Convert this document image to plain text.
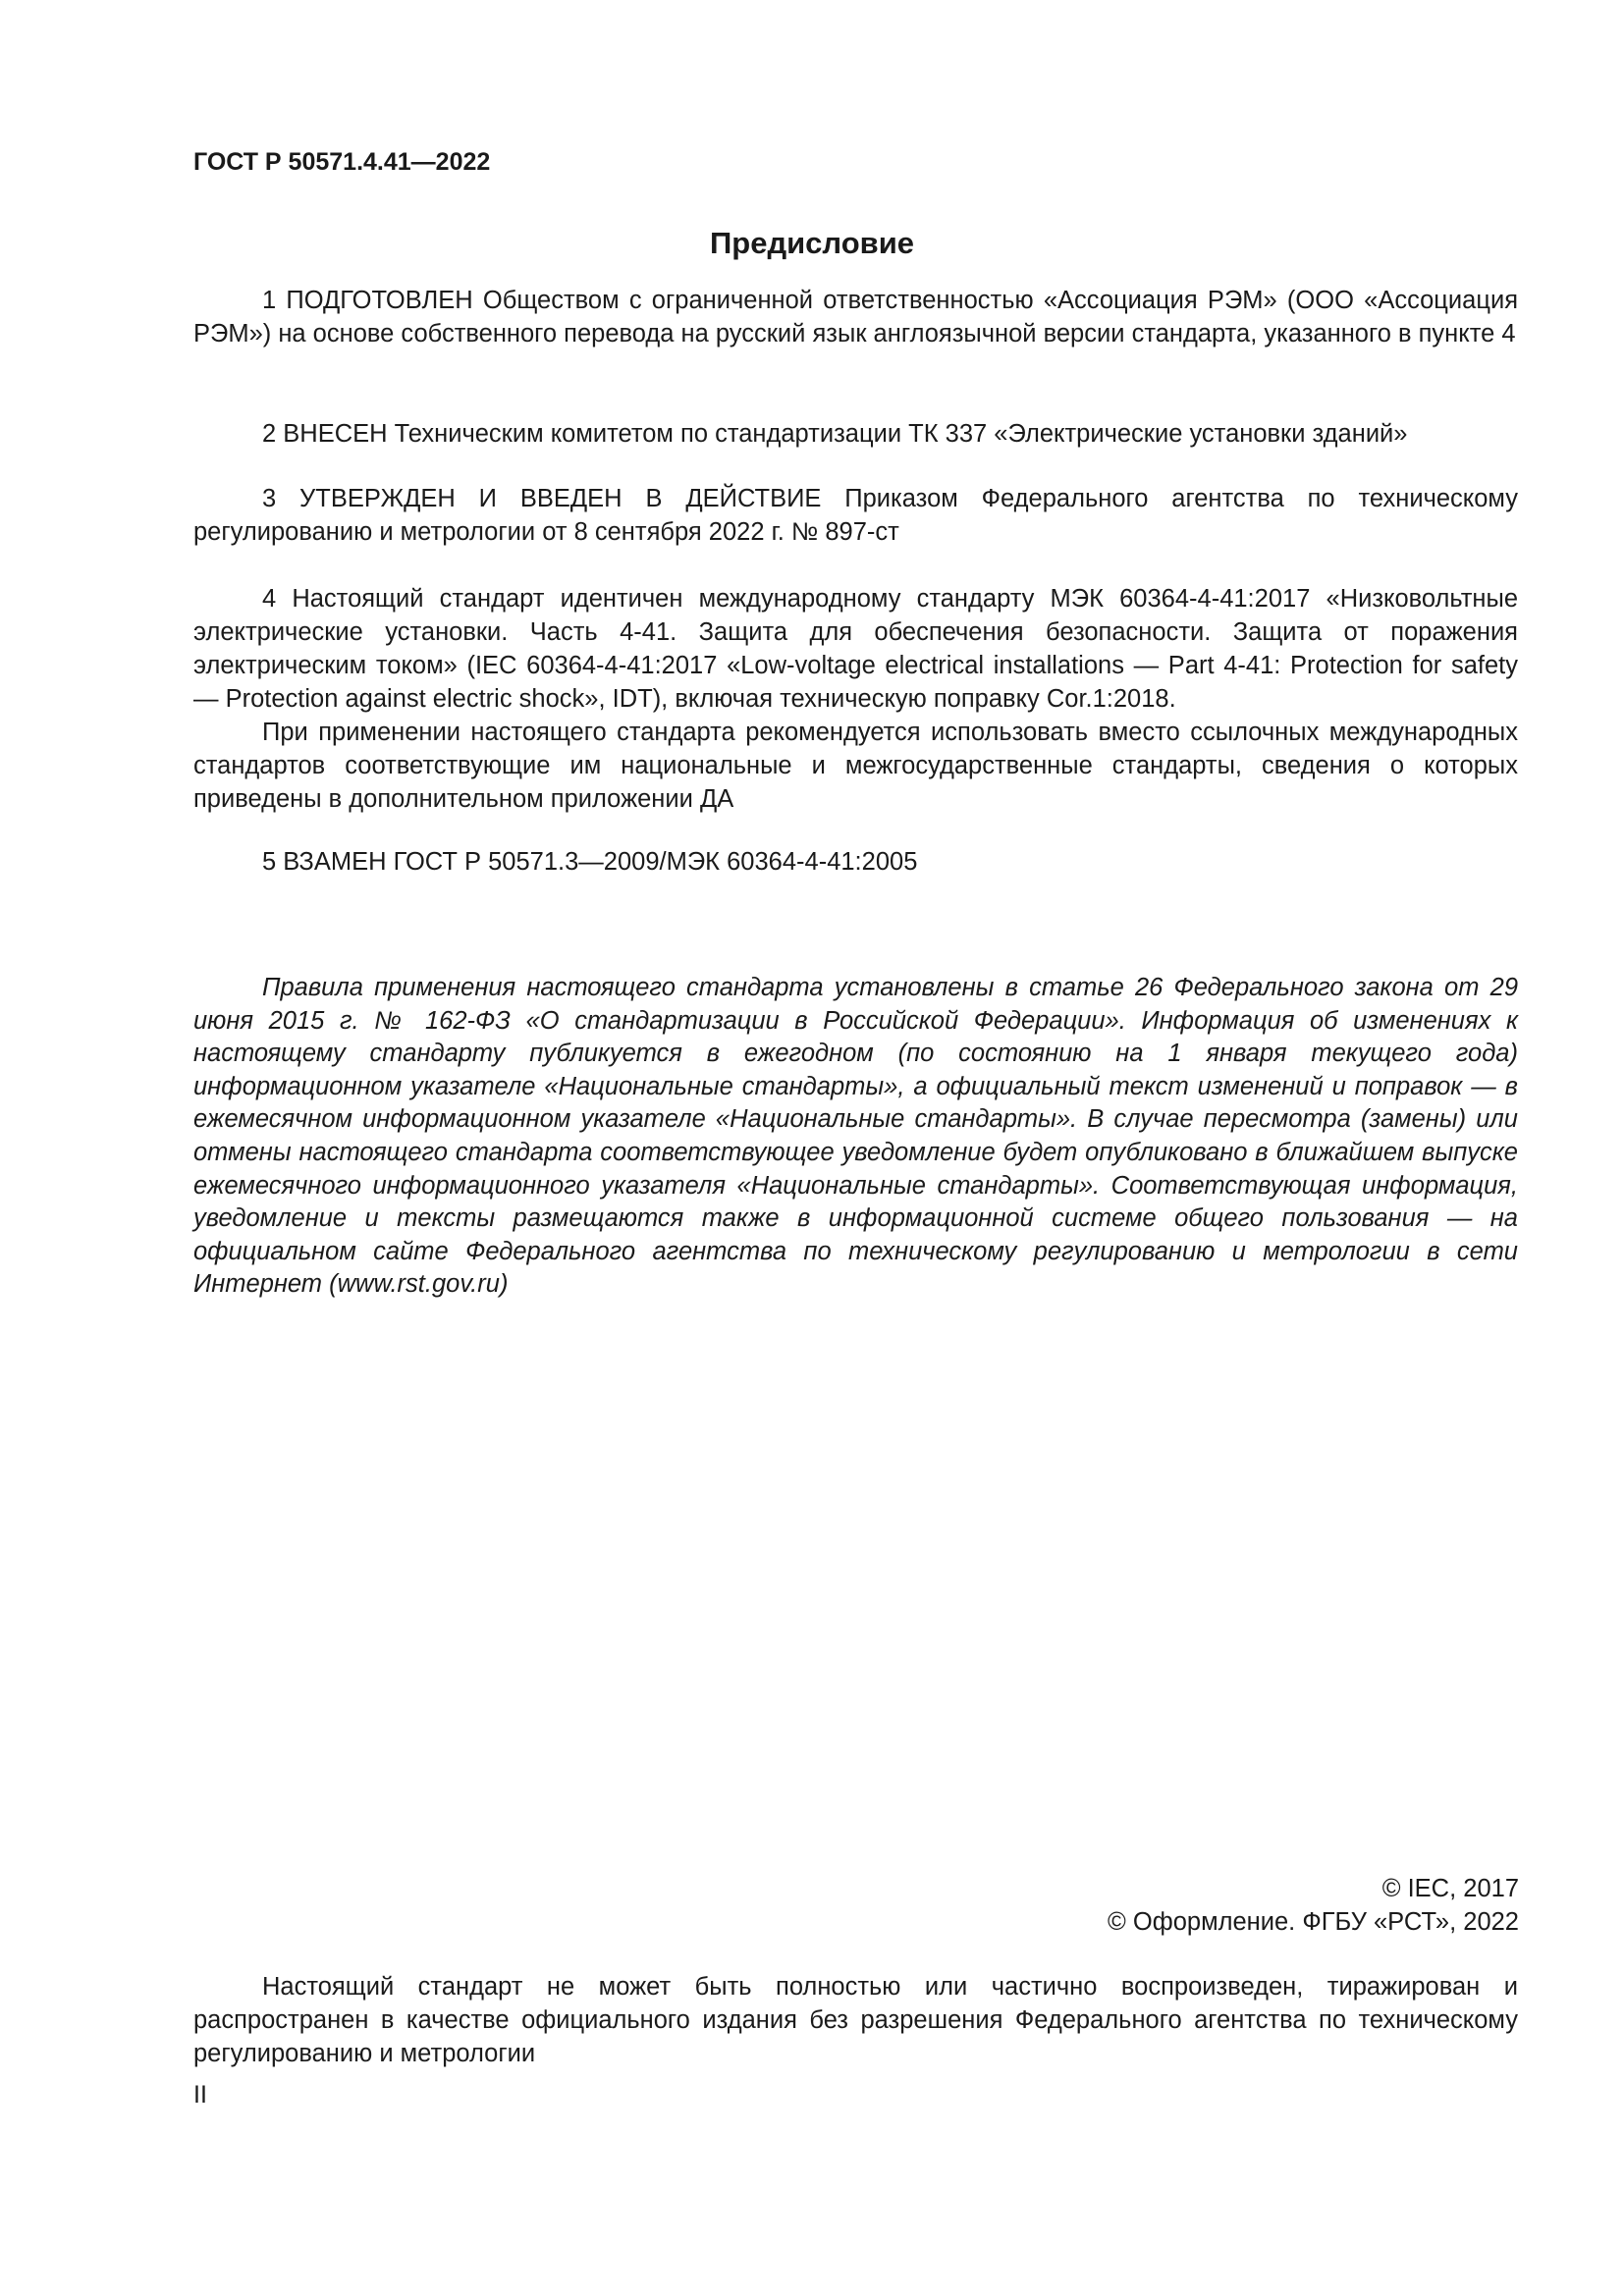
ГОСТ Р 50571.4.41—2022
Предисловие

1 ПОДГОТОВЛЕН Обществом с ограниченной ответственностью «Ассоциация РЭМ» (ООО «Ассоциация РЭМ») на основе собственного перевода на русский язык англоязычной версии стандарта, указанного в пункте 4

2 ВНЕСЕН Техническим комитетом по стандартизации ТК 337 «Электрические установки зданий»

3 УТВЕРЖДЕН И ВВЕДЕН В ДЕЙСТВИЕ Приказом Федерального агентства по техническому регулированию и метрологии от 8 сентября 2022 г. № 897-ст

4 Настоящий стандарт идентичен международному стандарту МЭК 60364-4-41:2017 «Низковольтные электрические установки. Часть 4-41. Защита для обеспечения безопасности. Защита от поражения электрическим током» (IEC 60364-4-41:2017 «Low-voltage electrical installations — Part 4-41: Protection for safety — Protection against electric shock», IDT), включая техническую поправку Cor.1:2018.

При применении настоящего стандарта рекомендуется использовать вместо ссылочных международных стандартов соответствующие им национальные и межгосударственные стандарты, сведения о которых приведены в дополнительном приложении ДА

5 ВЗАМЕН ГОСТ Р 50571.3—2009/МЭК 60364-4-41:2005

Правила применения настоящего стандарта установлены в статье 26 Федерального закона от 29 июня 2015 г. № 162-ФЗ «О стандартизации в Российской Федерации». Информация об изменениях к настоящему стандарту публикуется в ежегодном (по состоянию на 1 января текущего года) информационном указателе «Национальные стандарты», а официальный текст изменений и поправок — в ежемесячном информационном указателе «Национальные стандарты». В случае пересмотра (замены) или отмены настоящего стандарта соответствующее уведомление будет опубликовано в ближайшем выпуске ежемесячного информационного указателя «Национальные стандарты». Соответствующая информация, уведомление и тексты размещаются также в информационной системе общего пользования — на официальном сайте Федерального агентства по техническому регулированию и метрологии в сети Интернет (www.rst.gov.ru)

© IEC, 2017
© Оформление. ФГБУ «РСТ», 2022

Настоящий стандарт не может быть полностью или частично воспроизведен, тиражирован и распространен в качестве официального издания без разрешения Федерального агентства по техническому регулированию и метрологии

II
